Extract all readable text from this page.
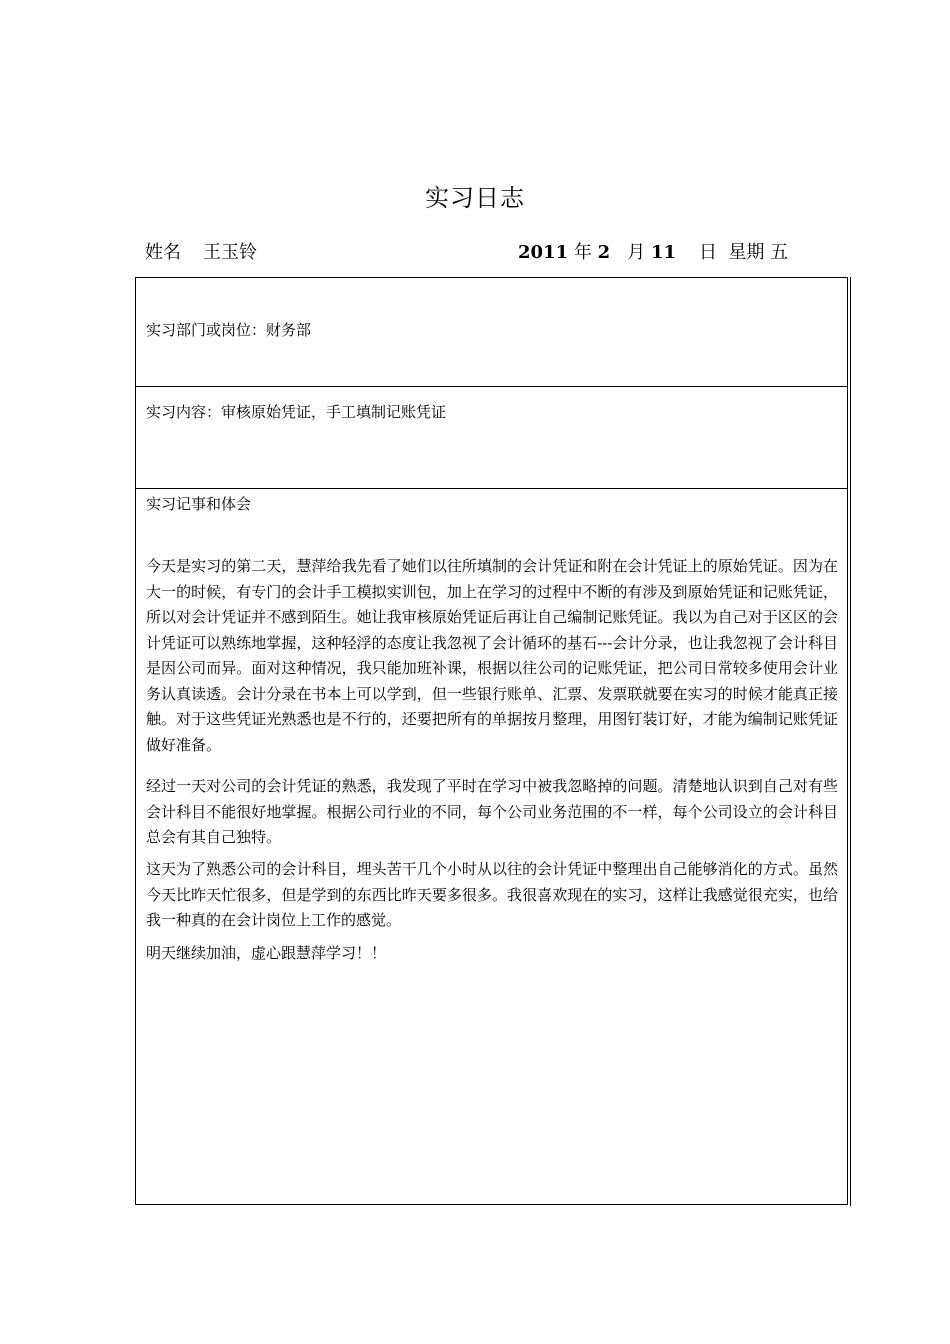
实习日志
姓名 王玉铃	2011 年 2 月 11 日 星期 五
实习部门或岗位：财务部
实习内容：审核原始凭证，手工填制记账凭证
实习记事和体会

今天是实习的第二天，慧萍给我先看了她们以往所填制的会计凭证和附在会计凭证上的原始凭证。因为在大一的时候，有专门的会计手工模拟实训包，加上在学习的过程中不断的有涉及到原始凭证和记账凭证，所以对会计凭证并不感到陌生。她让我审核原始凭证后再让自己编制记账凭证。我以为自己对于区区的会计凭证可以熟练地掌握，这种轻浮的态度让我忽视了会计循环的基石---会计分录，也让我忽视了会计科目是因公司而异。面对这种情况，我只能加班补课，根据以往公司的记账凭证，把公司日常较多使用会计业务认真读透。会计分录在书本上可以学到，但一些银行账单、汇票、发票联就要在实习的时候才能真正接触。对于这些凭证光熟悉也是不行的，还要把所有的单据按月整理，用图钉装订好，才能为编制记账凭证做好准备。

经过一天对公司的会计凭证的熟悉，我发现了平时在学习中被我忽略掉的问题。清楚地认识到自己对有些会计科目不能很好地掌握。根据公司行业的不同，每个公司业务范围的不一样，每个公司设立的会计科目总会有其自己独特。

这天为了熟悉公司的会计科目，埋头苦干几个小时从以往的会计凭证中整理出自己能够消化的方式。虽然今天比昨天忙很多，但是学到的东西比昨天要多很多。我很喜欢现在的实习，这样让我感觉很充实，也给我一种真的在会计岗位上工作的感觉。

明天继续加油，虚心跟慧萍学习！！
